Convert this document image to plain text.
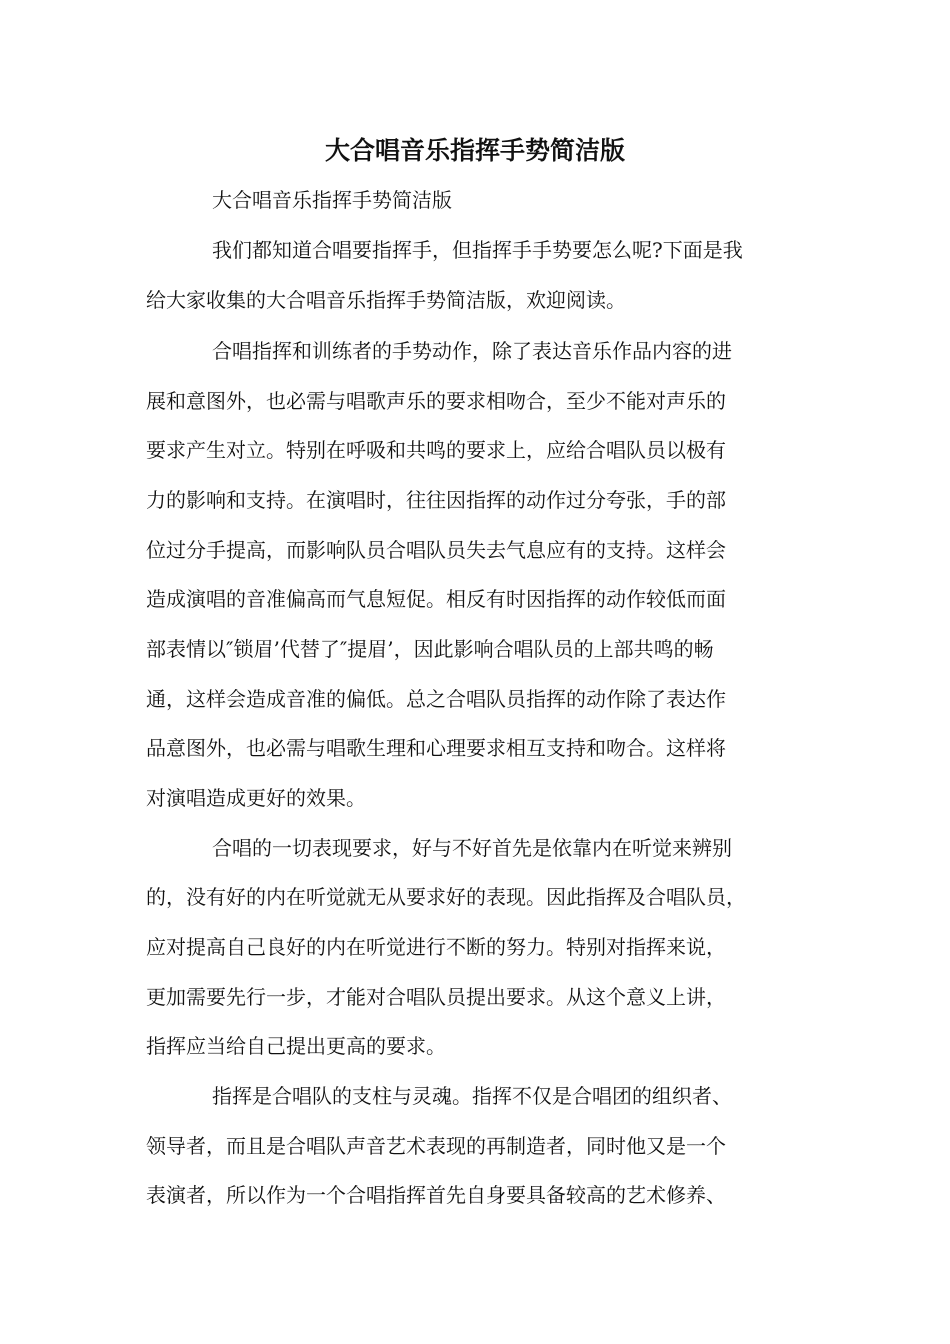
大合唱音乐指挥手势简洁版
大合唱音乐指挥手势简洁版
我们都知道合唱要指挥手，但指挥手手势要怎么呢?下面是我
给大家收集的大合唱音乐指挥手势简洁版，欢迎阅读。
合唱指挥和训练者的手势动作，除了表达音乐作品内容的进
展和意图外，也必需与唱歌声乐的要求相吻合，至少不能对声乐的
要求产生对立。特别在呼吸和共鸣的要求上，应给合唱队员以极有
力的影响和支持。在演唱时，往往因指挥的动作过分夸张，手的部
位过分手提高，而影响队员合唱队员失去气息应有的支持。这样会
造成演唱的音准偏高而气息短促。相反有时因指挥的动作较低而面
部表情以″锁眉’代替了″提眉’，因此影响合唱队员的上部共鸣的畅
通，这样会造成音准的偏低。总之合唱队员指挥的动作除了表达作
品意图外，也必需与唱歌生理和心理要求相互支持和吻合。这样将
对演唱造成更好的效果。
合唱的一切表现要求，好与不好首先是依靠内在听觉来辨别
的，没有好的内在听觉就无从要求好的表现。因此指挥及合唱队员，
应对提高自己良好的内在听觉进行不断的努力。特别对指挥来说，
更加需要先行一步，才能对合唱队员提出要求。从这个意义上讲，
指挥应当给自己提出更高的要求。
指挥是合唱队的支柱与灵魂。指挥不仅是合唱团的组织者、
领导者，而且是合唱队声音艺术表现的再制造者，同时他又是一个
表演者，所以作为一个合唱指挥首先自身要具备较高的艺术修养、
